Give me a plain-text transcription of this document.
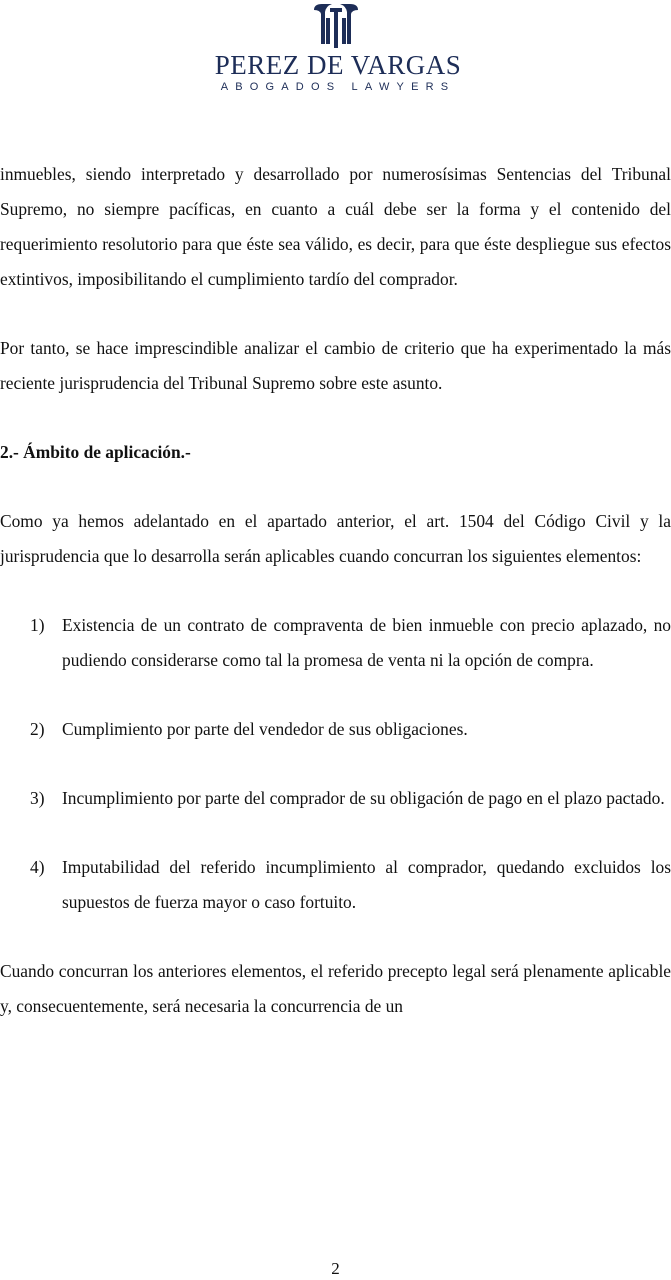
PEREZ DE VARGAS
ABOGADOS LAWYERS

inmuebles, siendo interpretado y desarrollado por numerosísimas Sentencias del Tribunal Supremo, no siempre pacíficas, en cuanto a cuál debe ser la forma y el contenido del requerimiento resolutorio para que éste sea válido, es decir, para que éste despliegue sus efectos extintivos, imposibilitando el cumplimiento tardío del comprador.

Por tanto, se hace imprescindible analizar el cambio de criterio que ha experimentado la más reciente jurisprudencia del Tribunal Supremo sobre este asunto.

2.- Ámbito de aplicación.-

Como ya hemos adelantado en el apartado anterior, el art. 1504 del Código Civil y la jurisprudencia que lo desarrolla serán aplicables cuando concurran los siguientes elementos:

1)	Existencia de un contrato de compraventa de bien inmueble con precio aplazado, no pudiendo considerarse como tal la promesa de venta ni la opción de compra.
2)	Cumplimiento por parte del vendedor de sus obligaciones.
3)	Incumplimiento por parte del comprador de su obligación de pago en el plazo pactado.
4)	Imputabilidad del referido incumplimiento al comprador, quedando excluidos los supuestos de fuerza mayor o caso fortuito.

Cuando concurran los anteriores elementos, el referido precepto legal será plenamente aplicable y, consecuentemente, será necesaria la concurrencia de un

2
